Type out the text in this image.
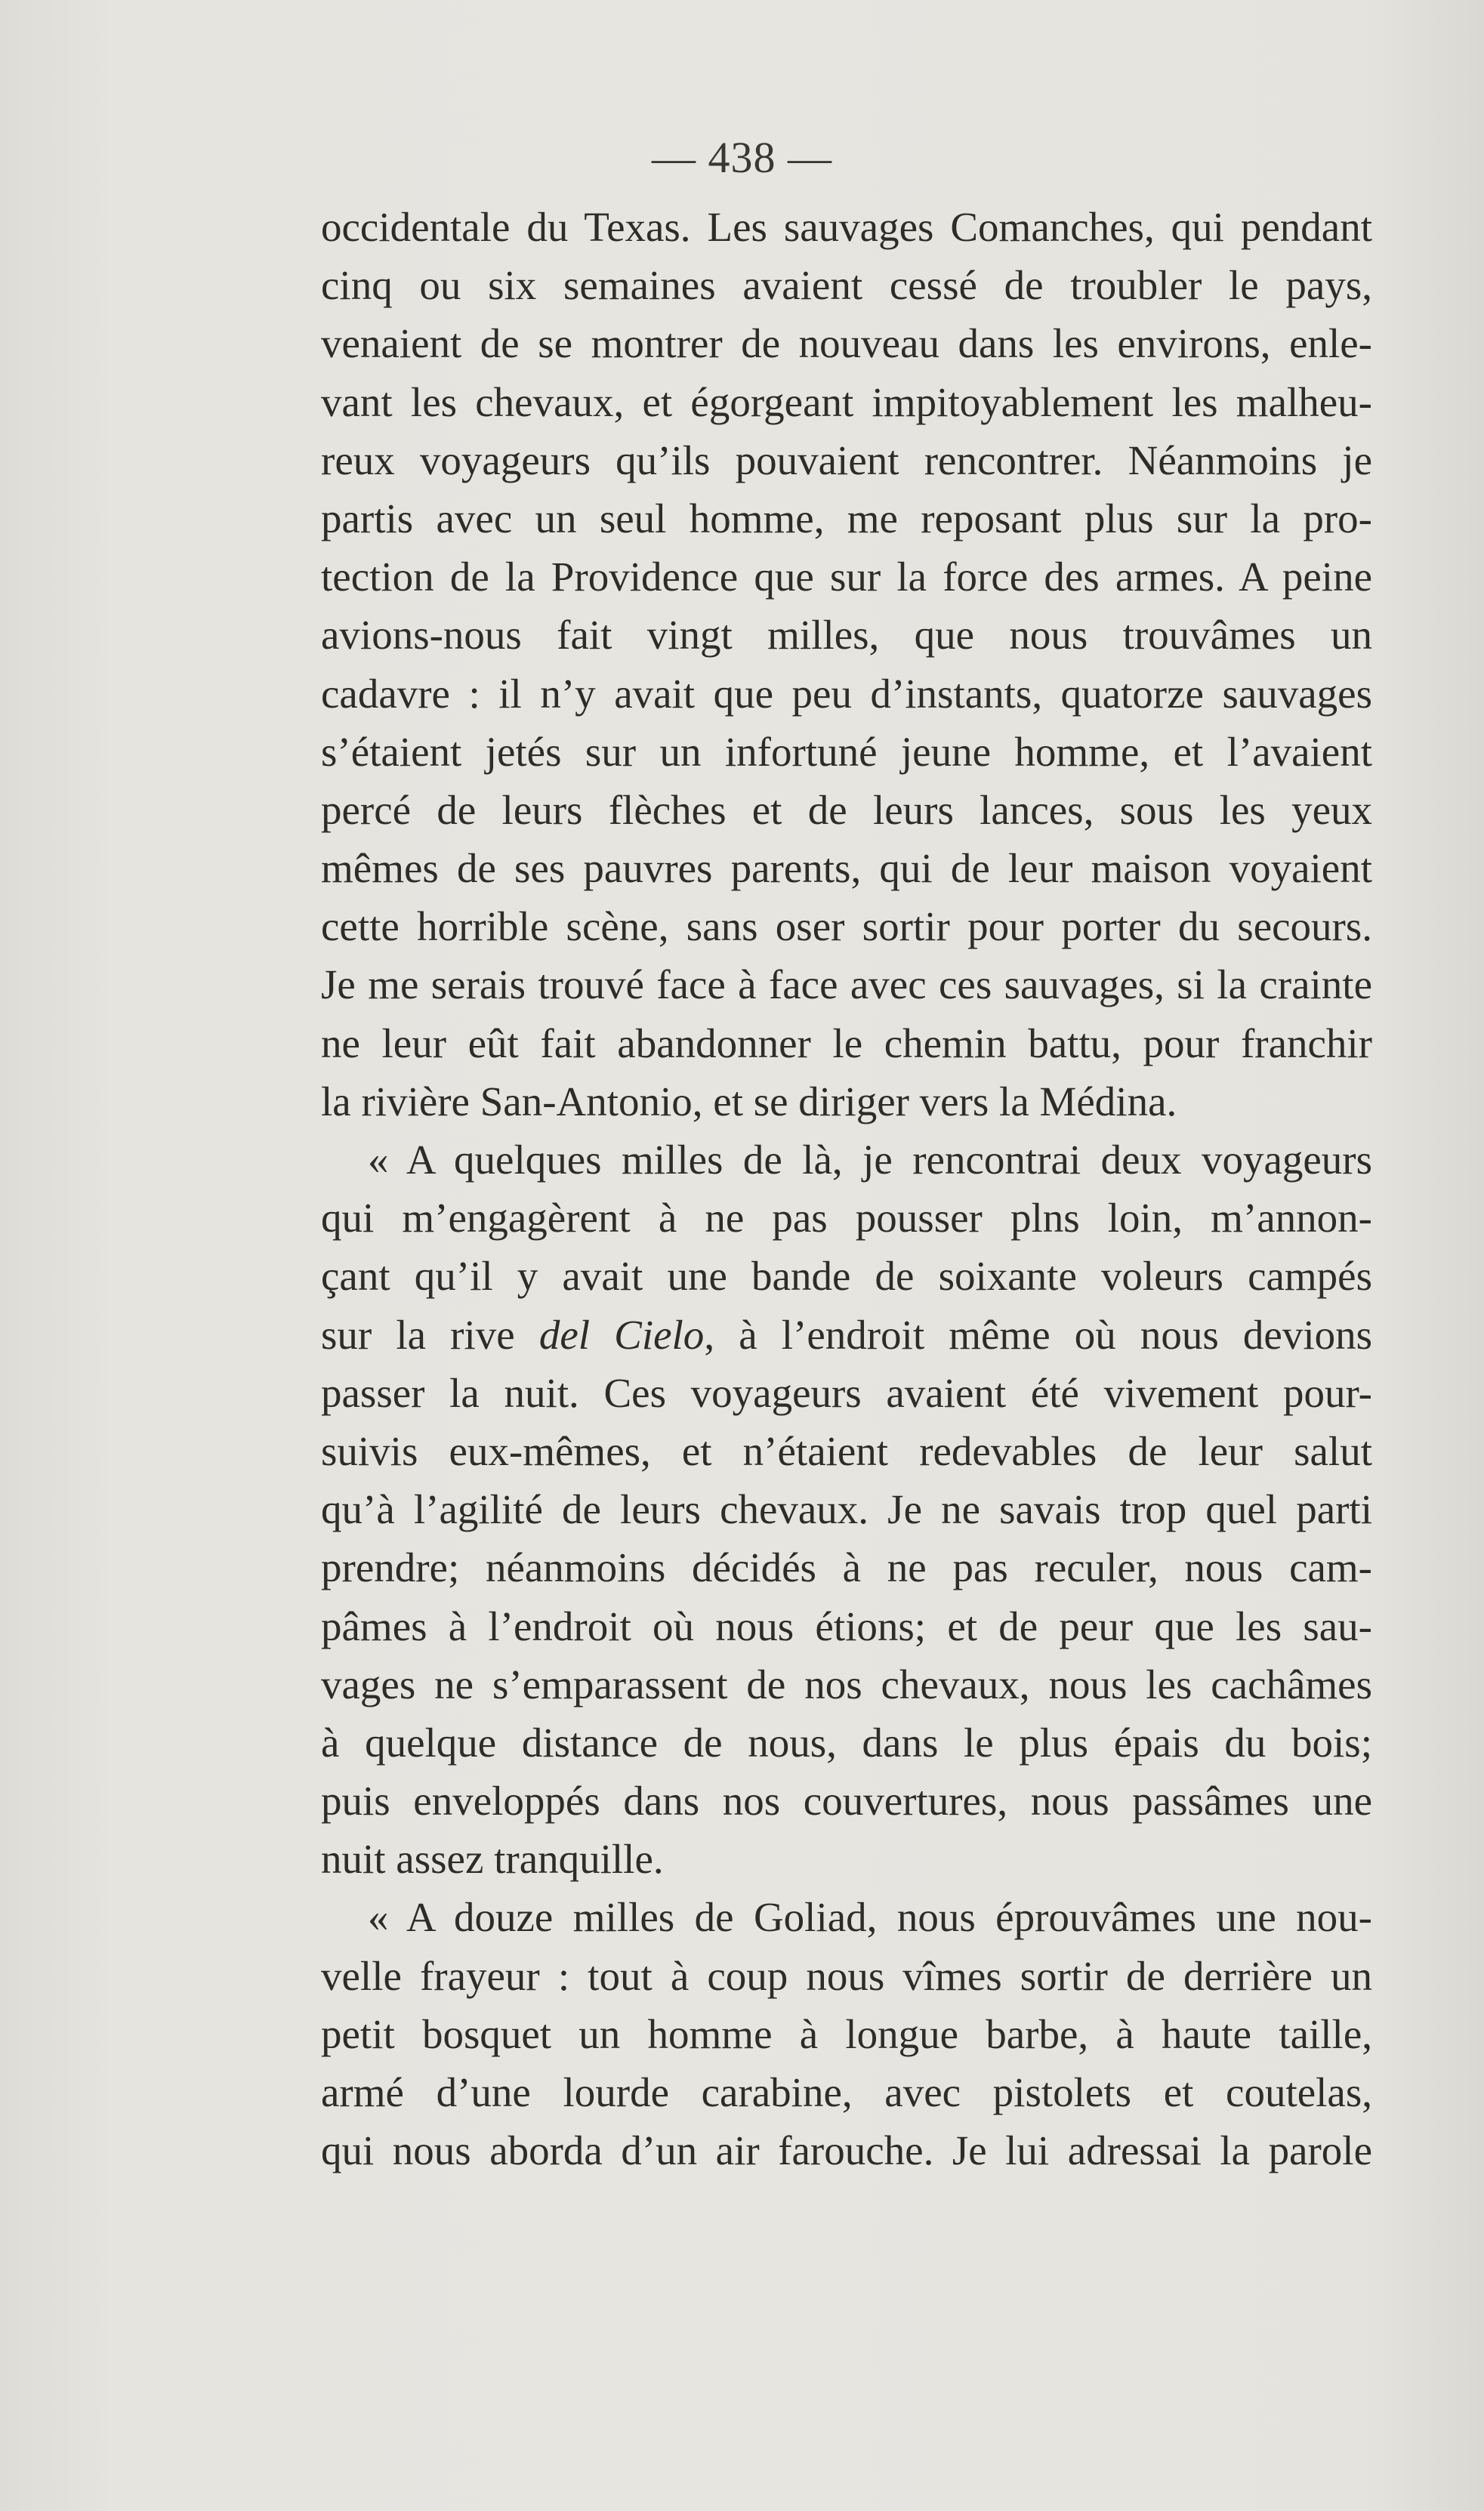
— 438 —
occidentale du Texas. Les sauvages Comanches, qui pendant
cinq ou six semaines avaient cessé de troubler le pays,
venaient de se montrer de nouveau dans les environs, enle-
vant les chevaux, et égorgeant impitoyablement les malheu-
reux voyageurs qu’ils pouvaient rencontrer. Néanmoins je
partis avec un seul homme, me reposant plus sur la pro-
tection de la Providence que sur la force des armes. A peine
avions-nous fait vingt milles, que nous trouvâmes un
cadavre : il n’y avait que peu d’instants, quatorze sauvages
s’étaient jetés sur un infortuné jeune homme, et l’avaient
percé de leurs flèches et de leurs lances, sous les yeux
mêmes de ses pauvres parents, qui de leur maison voyaient
cette horrible scène, sans oser sortir pour porter du secours.
Je me serais trouvé face à face avec ces sauvages, si la crainte
ne leur eût fait abandonner le chemin battu, pour franchir
la rivière San-Antonio, et se diriger vers la Médina.
« A quelques milles de là, je rencontrai deux voyageurs
qui m’engagèrent à ne pas pousser plns loin, m’annon-
çant qu’il y avait une bande de soixante voleurs campés
sur la rive del Cielo, à l’endroit même où nous devions
passer la nuit. Ces voyageurs avaient été vivement pour-
suivis eux-mêmes, et n’étaient redevables de leur salut
qu’à l’agilité de leurs chevaux. Je ne savais trop quel parti
prendre; néanmoins décidés à ne pas reculer, nous cam-
pâmes à l’endroit où nous étions; et de peur que les sau-
vages ne s’emparassent de nos chevaux, nous les cachâmes
à quelque distance de nous, dans le plus épais du bois;
puis enveloppés dans nos couvertures, nous passâmes une
nuit assez tranquille.
« A douze milles de Goliad, nous éprouvâmes une nou-
velle frayeur : tout à coup nous vîmes sortir de derrière un
petit bosquet un homme à longue barbe, à haute taille,
armé d’une lourde carabine, avec pistolets et coutelas,
qui nous aborda d’un air farouche. Je lui adressai la parole
